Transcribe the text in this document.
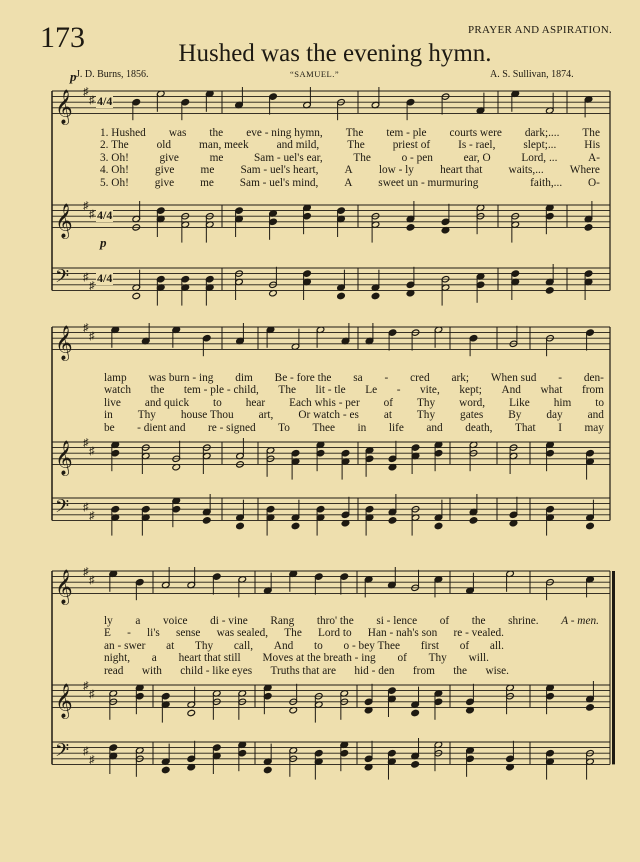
173	PRAYER AND ASPIRATION.
Hushed was the evening hymn.
J. D. Burns, 1856.	“SAMUEL.”	A. S. Sullivan, 1874.
𝄞 ♯
♯
𝄞 ♯
♯
𝄢 ♯
♯
𝄞 ♯
♯
𝄞 ♯
♯
𝄢 ♯
♯
𝄞 ♯
♯
𝄞 ♯
♯
𝄢 ♯
♯
p
p
4/4
4/4
4/4
1. Hushed was the eve - ning hymn, The tem - ple courts were dark;.... The
2. The old man, meek and mild, The priest of Is - rael, slept;... His
3. Oh!	give	me	Sam - uel's ear,	The	o - pen	ear, O	Lord, ...	A-
4. Oh! give me Sam - uel's heart, A low - ly heart that waits,... Where
5. Oh! give me Sam - uel's mind, A sweet un - murmuring	faith,... O-
lamp was burn - ing dim Be - fore the sa - cred ark; When sud - den-
watch the tem - ple - child, The lit - tle Le - vite, kept; And what from
live and quick to hear Each whis - per of Thy word, Like him to
in Thy house Thou art, Or watch - es at Thy gates By day and
be - dient and re - signed To Thee in life and death, That I may
ly a voice di - vine Rang thro' the si - lence of the shrine. A - men.
E - li's sense was sealed, The Lord to Han - nah's son re - vealed.
an - swer at Thy call, And to o - bey Thee first of all.
night, a heart that still Moves at the breath - ing of Thy will.
read with child - like eyes Truths that are hid - den from the wise.
